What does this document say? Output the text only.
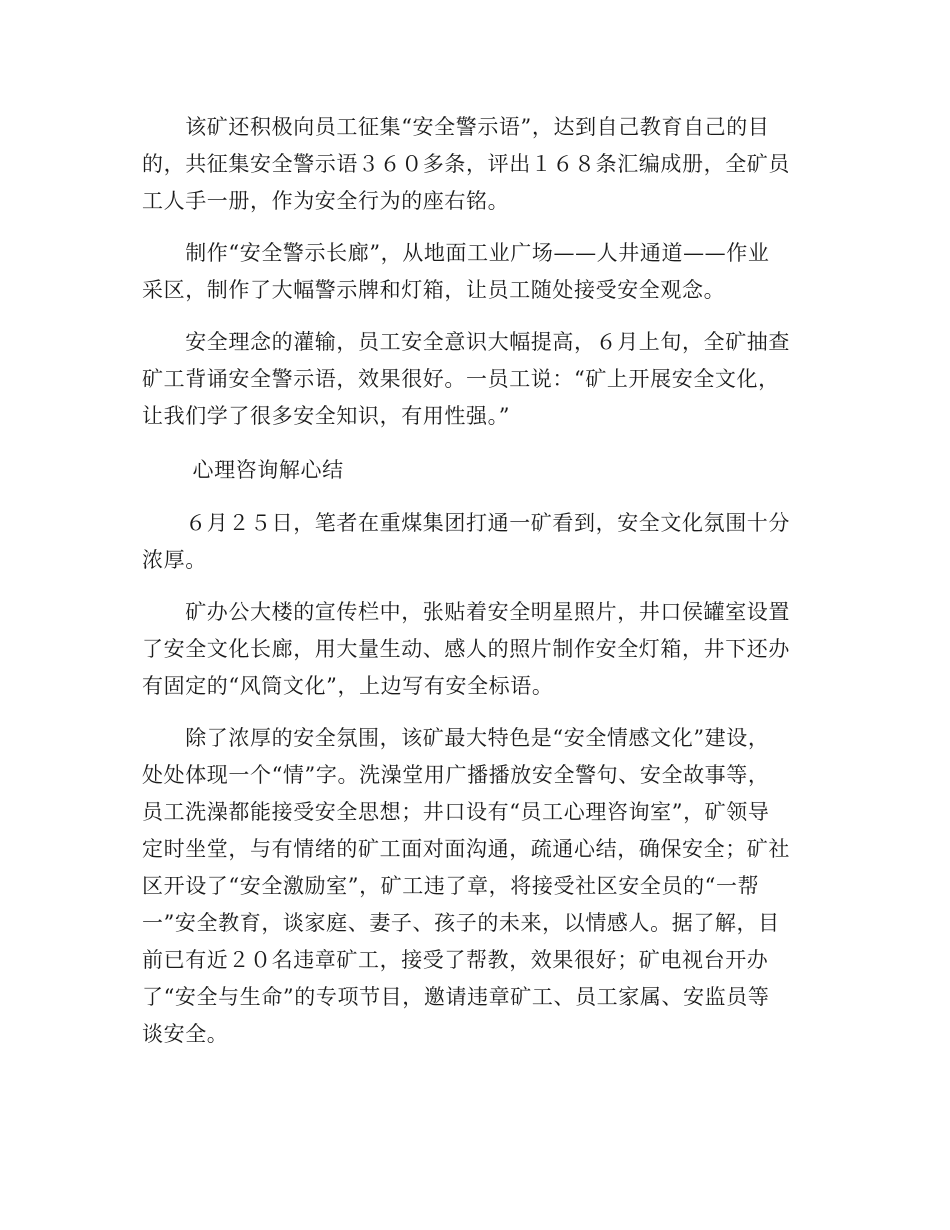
　　该矿还积极向员工征集“安全警示语”，达到自己教育自己的目
的，共征集安全警示语３６０多条，评出１６８条汇编成册，全矿员
工人手一册，作为安全行为的座右铭。
　　制作“安全警示长廊”，从地面工业广场——人井通道——作业
采区，制作了大幅警示牌和灯箱，让员工随处接受安全观念。
　　安全理念的灌输，员工安全意识大幅提高，６月上旬，全矿抽查
矿工背诵安全警示语，效果很好。一员工说：“矿上开展安全文化，
让我们学了很多安全知识，有用性强。”
　　 心理咨询解心结
　　６月２５日，笔者在重煤集团打通一矿看到，安全文化氛围十分
浓厚。
　　矿办公大楼的宣传栏中，张贴着安全明星照片，井口侯罐室设置
了安全文化长廊，用大量生动、感人的照片制作安全灯箱，井下还办
有固定的“风筒文化”，上边写有安全标语。
　　除了浓厚的安全氛围，该矿最大特色是“安全情感文化”建设，
处处体现一个“情”字。洗澡堂用广播播放安全警句、安全故事等，
员工洗澡都能接受安全思想；井口设有“员工心理咨询室”，矿领导
定时坐堂，与有情绪的矿工面对面沟通，疏通心结，确保安全；矿社
区开设了“安全激励室”，矿工违了章，将接受社区安全员的“一帮
一”安全教育，谈家庭、妻子、孩子的未来，以情感人。据了解，目
前已有近２０名违章矿工，接受了帮教，效果很好；矿电视台开办
了“安全与生命”的专项节目，邀请违章矿工、员工家属、安监员等
谈安全。
